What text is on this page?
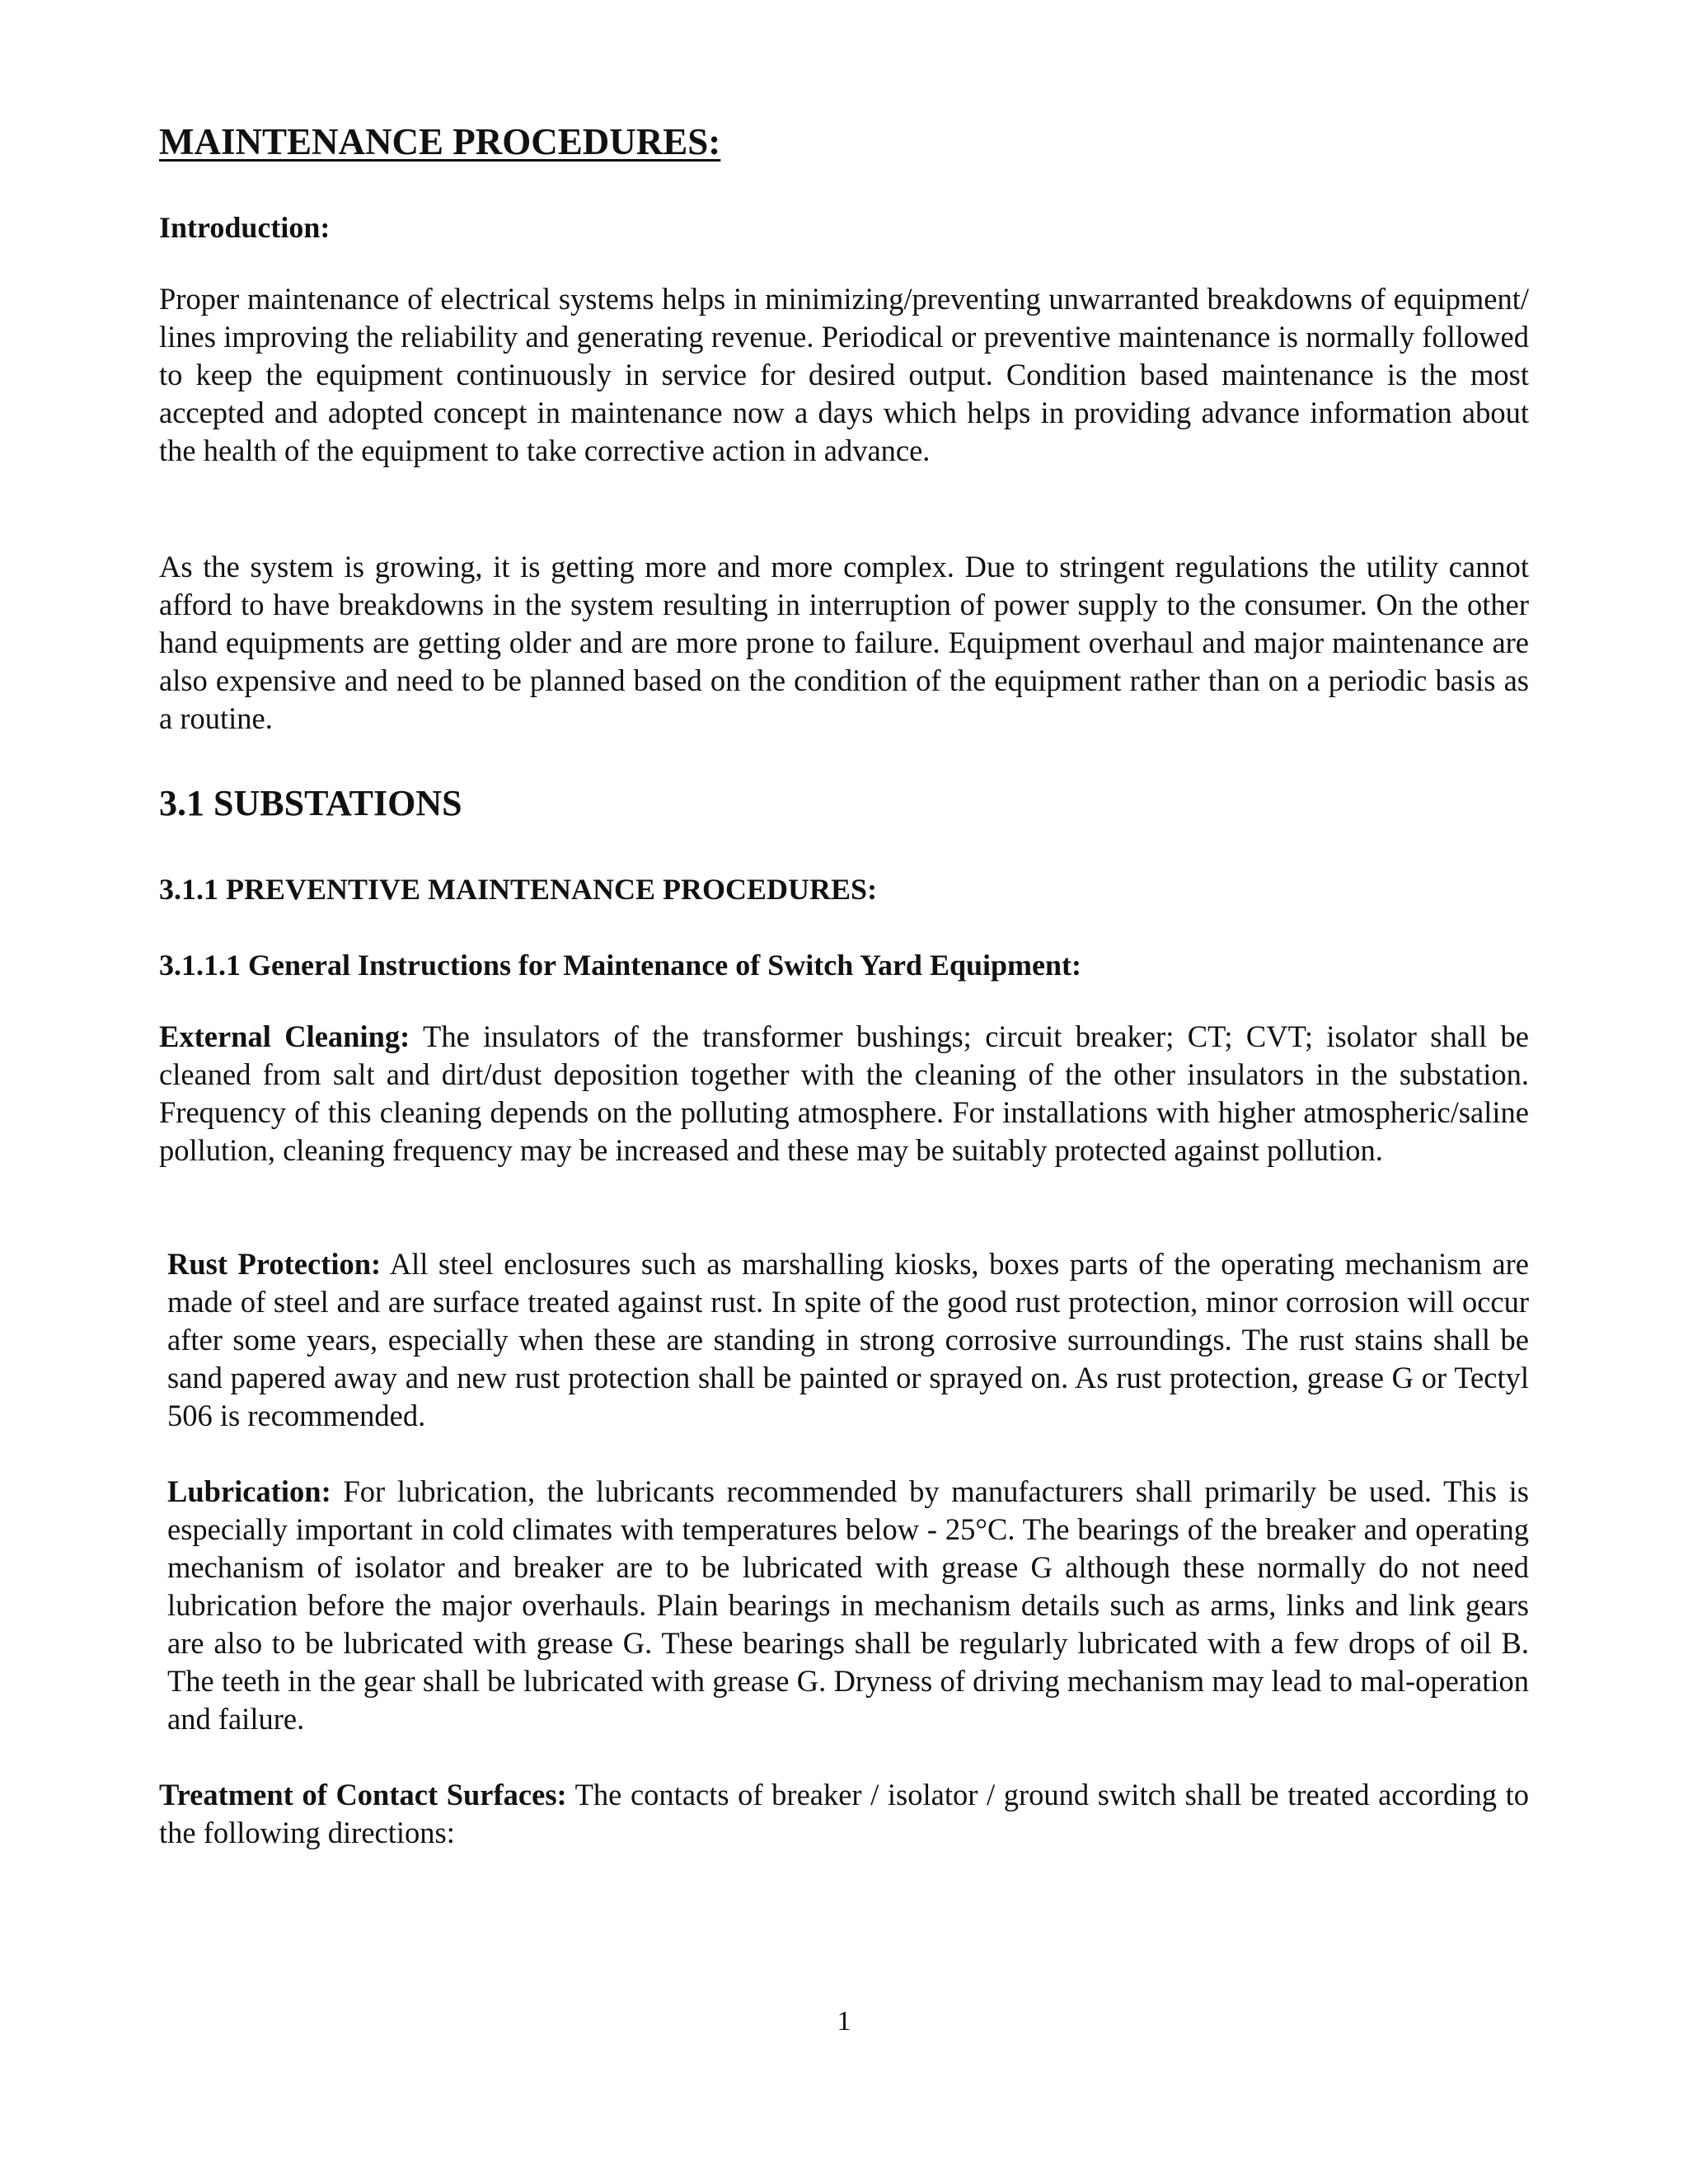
MAINTENANCE PROCEDURES:
Introduction:

Proper maintenance of electrical systems helps in minimizing/preventing unwarranted breakdowns of equipment/ lines improving the reliability and generating revenue. Periodical or preventive maintenance is normally followed to keep the equipment continuously in service for desired output. Condition based maintenance is the most accepted and adopted concept in maintenance now a days which helps in providing advance information about the health of the equipment to take corrective action in advance.

As the system is growing, it is getting more and more complex. Due to stringent regulations the utility cannot afford to have breakdowns in the system resulting in interruption of power supply to the consumer. On the other hand equipments are getting older and are more prone to failure. Equipment overhaul and major maintenance are also expensive and need to be planned based on the condition of the equipment rather than on a periodic basis as a routine.

3.1 SUBSTATIONS
3.1.1 PREVENTIVE MAINTENANCE PROCEDURES:
3.1.1.1 General Instructions for Maintenance of Switch Yard Equipment:

External Cleaning: The insulators of the transformer bushings; circuit breaker; CT; CVT; isolator shall be cleaned from salt and dirt/dust deposition together with the cleaning of the other insulators in the substation. Frequency of this cleaning depends on the polluting atmosphere. For installations with higher atmospheric/saline pollution, cleaning frequency may be increased and these may be suitably protected against pollution.

Rust Protection: All steel enclosures such as marshalling kiosks, boxes parts of the operating mechanism are made of steel and are surface treated against rust. In spite of the good rust protection, minor corrosion will occur after some years, especially when these are standing in strong corrosive surroundings. The rust stains shall be sand papered away and new rust protection shall be painted or sprayed on. As rust protection, grease G or Tectyl 506 is recommended.

Lubrication: For lubrication, the lubricants recommended by manufacturers shall primarily be used. This is especially important in cold climates with temperatures below - 25°C. The bearings of the breaker and operating mechanism of isolator and breaker are to be lubricated with grease G although these normally do not need lubrication before the major overhauls. Plain bearings in mechanism details such as arms, links and link gears are also to be lubricated with grease G. These bearings shall be regularly lubricated with a few drops of oil B. The teeth in the gear shall be lubricated with grease G. Dryness of driving mechanism may lead to mal-operation and failure.

Treatment of Contact Surfaces: The contacts of breaker / isolator / ground switch shall be treated according to the following directions:

1
